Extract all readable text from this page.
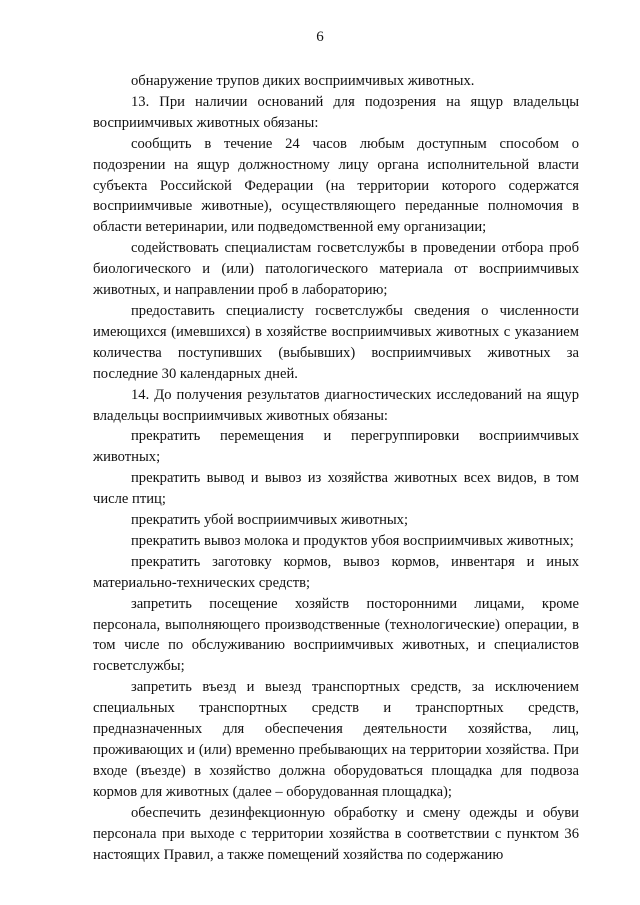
6

обнаружение трупов диких восприимчивых животных.

13. При наличии оснований для подозрения на ящур владельцы восприимчивых животных обязаны:

сообщить в течение 24 часов любым доступным способом о подозрении на ящур должностному лицу органа исполнительной власти субъекта Российской Федерации (на территории которого содержатся восприимчивые животные), осуществляющего переданные полномочия в области ветеринарии, или подведомственной ему организации;

содействовать специалистам госветслужбы в проведении отбора проб биологического и (или) патологического материала от восприимчивых животных, и направлении проб в лабораторию;

предоставить специалисту госветслужбы сведения о численности имеющихся (имевшихся) в хозяйстве восприимчивых животных с указанием количества поступивших (выбывших) восприимчивых животных за последние 30 календарных дней.

14. До получения результатов диагностических исследований на ящур владельцы восприимчивых животных обязаны:

прекратить перемещения и перегруппировки восприимчивых животных;

прекратить вывод и вывоз из хозяйства животных всех видов, в том числе птиц;

прекратить убой восприимчивых животных;

прекратить вывоз молока и продуктов убоя восприимчивых животных;

прекратить заготовку кормов, вывоз кормов, инвентаря и иных материально-технических средств;

запретить посещение хозяйств посторонними лицами, кроме персонала, выполняющего производственные (технологические) операции, в том числе по обслуживанию восприимчивых животных, и специалистов госветслужбы;

запретить въезд и выезд транспортных средств, за исключением специальных транспортных средств и транспортных средств, предназначенных для обеспечения деятельности хозяйства, лиц, проживающих и (или) временно пребывающих на территории хозяйства. При входе (въезде) в хозяйство должна оборудоваться площадка для подвоза кормов для животных (далее – оборудованная площадка);

обеспечить дезинфекционную обработку и смену одежды и обуви персонала при выходе с территории хозяйства в соответствии с пунктом 36 настоящих Правил, а также помещений хозяйства по содержанию
